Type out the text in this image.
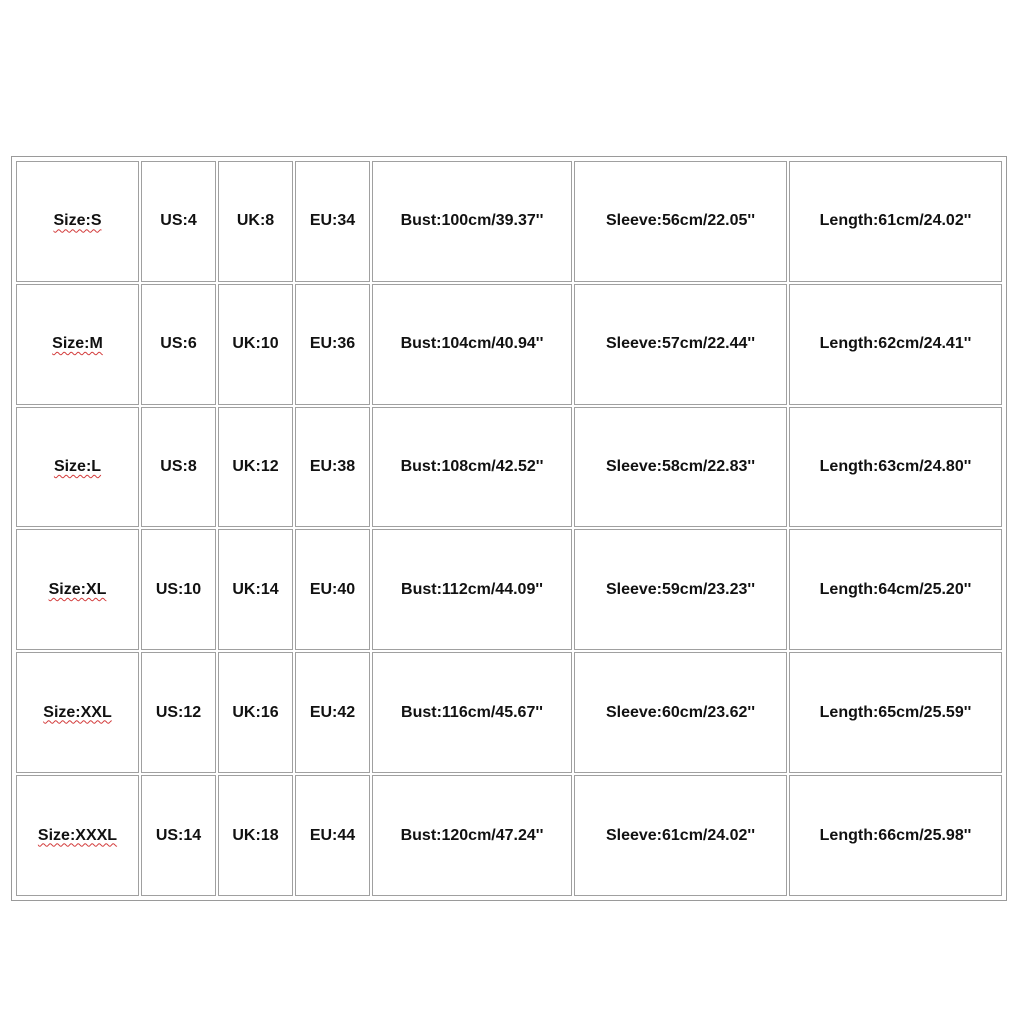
Size:S	US:4	UK:8	EU:34	Bust:100cm/39.37''	Sleeve:56cm/22.05''	Length:61cm/24.02''
Size:M	US:6	UK:10	EU:36	Bust:104cm/40.94''	Sleeve:57cm/22.44''	Length:62cm/24.41''
Size:L	US:8	UK:12	EU:38	Bust:108cm/42.52''	Sleeve:58cm/22.83''	Length:63cm/24.80''
Size:XL	US:10	UK:14	EU:40	Bust:112cm/44.09''	Sleeve:59cm/23.23''	Length:64cm/25.20''
Size:XXL	US:12	UK:16	EU:42	Bust:116cm/45.67''	Sleeve:60cm/23.62''	Length:65cm/25.59''
Size:XXXL	US:14	UK:18	EU:44	Bust:120cm/47.24''	Sleeve:61cm/24.02''	Length:66cm/25.98''
